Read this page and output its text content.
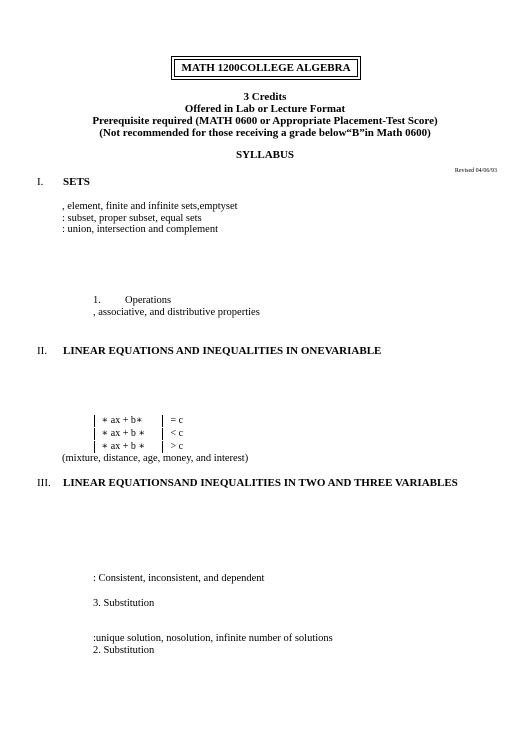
MATH 1200COLLEGE ALGEBRA
3 Credits
Offered in Lab or Lecture Format
Prerequisite required (MATH 0600 or Appropriate Placement-Test Score)
(Not recommended for those receiving a grade below“B”in Math 0600)
SYLLABUS
Revised 04/06/93
I. SETS
, element, finite and infinite sets,emptyset
: subset, proper subset, equal sets
: union, intersection and complement
1. Operations
, associative, and distributive properties
II. LINEAR EQUATIONS AND INEQUALITIES IN ONEVARIABLE
∗ ax + b∗	= c
∗ ax + b ∗	< c
∗ ax + b ∗	> c
(mixture, distance, age, money, and interest)
III. LINEAR EQUATIONSAND INEQUALITIES IN TWO AND THREE VARIABLES
: Consistent, inconsistent, and dependent
3. Substitution
:unique solution, nosolution, infinite number of solutions
2. Substitution
